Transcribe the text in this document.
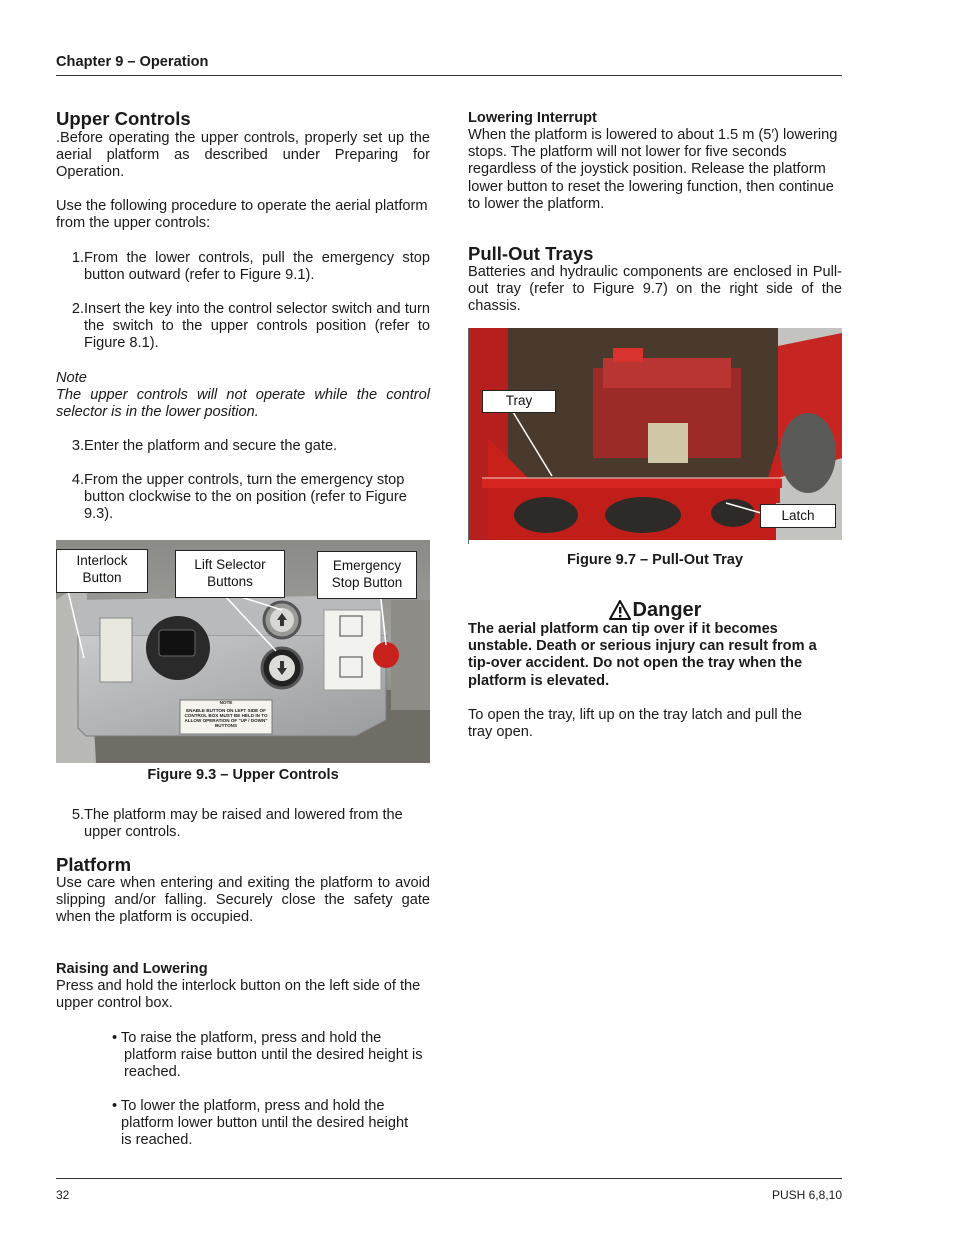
Chapter 9 – Operation
Upper Controls

.Before operating the upper controls, properly set up the aerial platform as described under Preparing for Operation.

Use the following procedure to operate the aerial platform from the upper controls:

1. From the lower controls, pull the emergency stop button outward (refer to Figure 9.1).
2. Insert the key into the control selector switch and turn the switch to the upper controls position (refer to Figure 8.1).

Note

The upper controls will not operate while the control selector is in the lower position.

3. Enter the platform and secure the gate.
4. From the upper controls, turn the emergency stop button clockwise to the on position (refer to Figure 9.3).
NOTE
ENABLE BUTTON ON LEFT SIDE OF CONTROL BOX MUST BE HELD IN TO ALLOW OPERATION OF "UP / DOWN" BUTTONS
Interlock Button
Lift Selector Buttons
Emergency Stop Button

Figure 9.3 – Upper Controls

5. The platform may be raised and lowered from the upper controls.
Platform

Use care when entering and exiting the platform to avoid slipping and/or falling. Securely close the safety gate when the platform is occupied.

Raising and Lowering

Press and hold the interlock button on the left side of the upper control box.

• To raise the platform, press and hold the platform raise button until the desired height is reached.

• To lower the platform, press and hold the platform lower button until the desired height is reached.

Lowering Interrupt

When the platform is lowered to about 1.5 m (5′) lowering stops. The platform will not lower for five seconds regardless of the joystick position. Release the platform lower button to reset the lowering function, then continue to lower the platform.

Pull-Out Trays

Batteries and hydraulic components are enclosed in Pull-out tray (refer to Figure 9.7) on the right side of the chassis.

Tray
Latch

Figure 9.7 – Pull-Out Tray

Danger

The aerial platform can tip over if it becomes unstable. Death or serious injury can result from a tip-over accident. Do not open the tray when the platform is elevated.

To open the tray, lift up on the tray latch and pull the tray open.

32	PUSH 6,8,10
